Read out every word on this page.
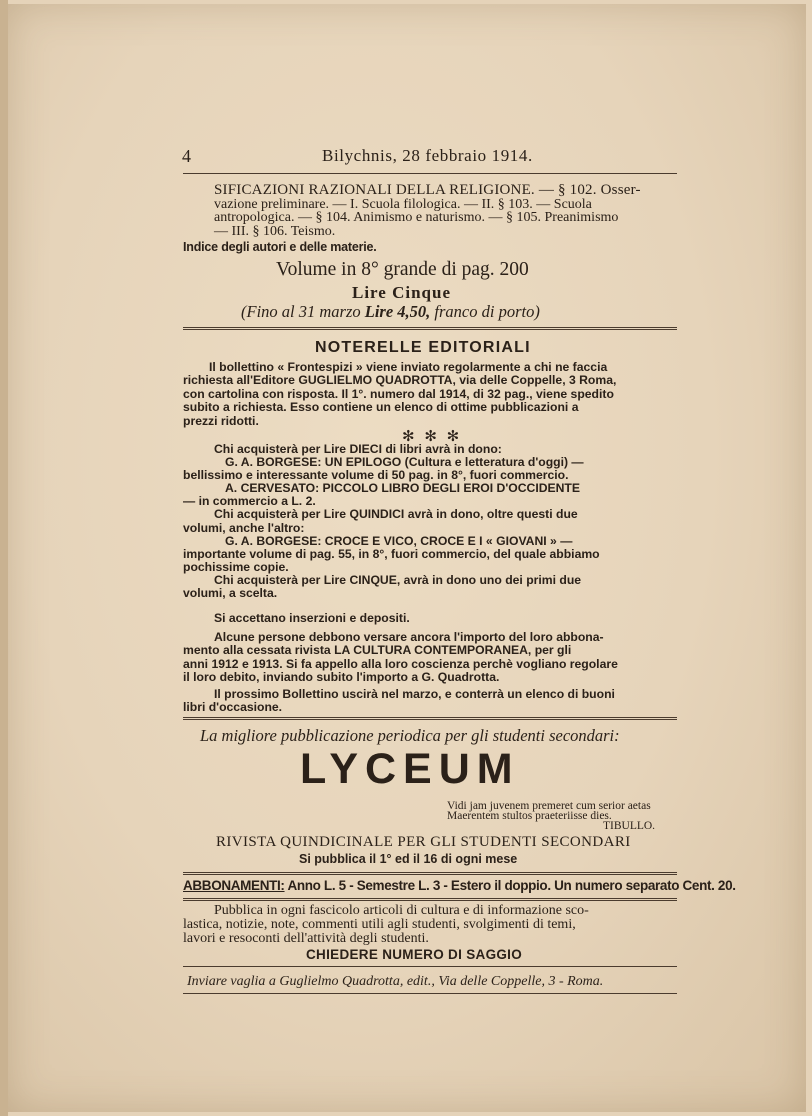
4	Bilychnis, 28 febbraio 1914.
SIFICAZIONI RAZIONALI DELLA RELIGIONE. — § 102. Osser-
vazione preliminare. — I. Scuola filologica. — II. § 103. — Scuola
antropologica. — § 104. Animismo e naturismo. — § 105. Preanimismo
— III. § 106. Teismo.
Indice degli autori e delle materie.
Volume in 8° grande di pag. 200
Lire Cinque
(Fino al 31 marzo Lire 4,50, franco di porto)
NOTERELLE EDITORIALI
Il bollettino « Frontespizi » viene inviato regolarmente a chi ne faccia
richiesta all'Editore GUGLIELMO QUADROTTA, via delle Coppelle, 3 Roma,
con cartolina con risposta. Il 1°. numero dal 1914, di 32 pag., viene spedito
subito a richiesta. Esso contiene un elenco di ottime pubblicazioni a
prezzi ridotti.
✻ ✻ ✻
Chi acquisterà per Lire DIECI di libri avrà in dono:
G. A. BORGESE: UN EPILOGO (Cultura e letteratura d'oggi) —
bellissimo e interessante volume di 50 pag. in 8°, fuori commercio.
A. CERVESATO: PICCOLO LIBRO DEGLI EROI D'OCCIDENTE
— in commercio a L. 2.
Chi acquisterà per Lire QUINDICI avrà in dono, oltre questi due
volumi, anche l'altro:
G. A. BORGESE: CROCE E VICO, CROCE E I « GIOVANI » —
importante volume di pag. 55, in 8°, fuori commercio, del quale abbiamo
pochissime copie.
Chi acquisterà per Lire CINQUE, avrà in dono uno dei primi due
volumi, a scelta.
Si accettano inserzioni e depositi.
Alcune persone debbono versare ancora l'importo del loro abbona-
mento alla cessata rivista LA CULTURA CONTEMPORANEA, per gli
anni 1912 e 1913. Si fa appello alla loro coscienza perchè vogliano regolare
il loro debito, inviando subito l'importo a G. Quadrotta.
Il prossimo Bollettino uscirà nel marzo, e conterrà un elenco di buoni
libri d'occasione.
La migliore pubblicazione periodica per gli studenti secondari:
LYCEUM
Vidi jam juvenem premeret cum serior aetas
Maerentem stultos praeteriisse dies.
TIBULLO.
RIVISTA QUINDICINALE PER GLI STUDENTI SECONDARI
Si pubblica il 1° ed il 16 di ogni mese
ABBONAMENTI: Anno L. 5 - Semestre L. 3 - Estero il doppio. Un numero separato Cent. 20.
Pubblica in ogni fascicolo articoli di cultura e di informazione sco-
lastica, notizie, note, commenti utili agli studenti, svolgimenti di temi,
lavori e resoconti dell'attività degli studenti.
CHIEDERE NUMERO DI SAGGIO
Inviare vaglia a Guglielmo Quadrotta, edit., Via delle Coppelle, 3 - Roma.
